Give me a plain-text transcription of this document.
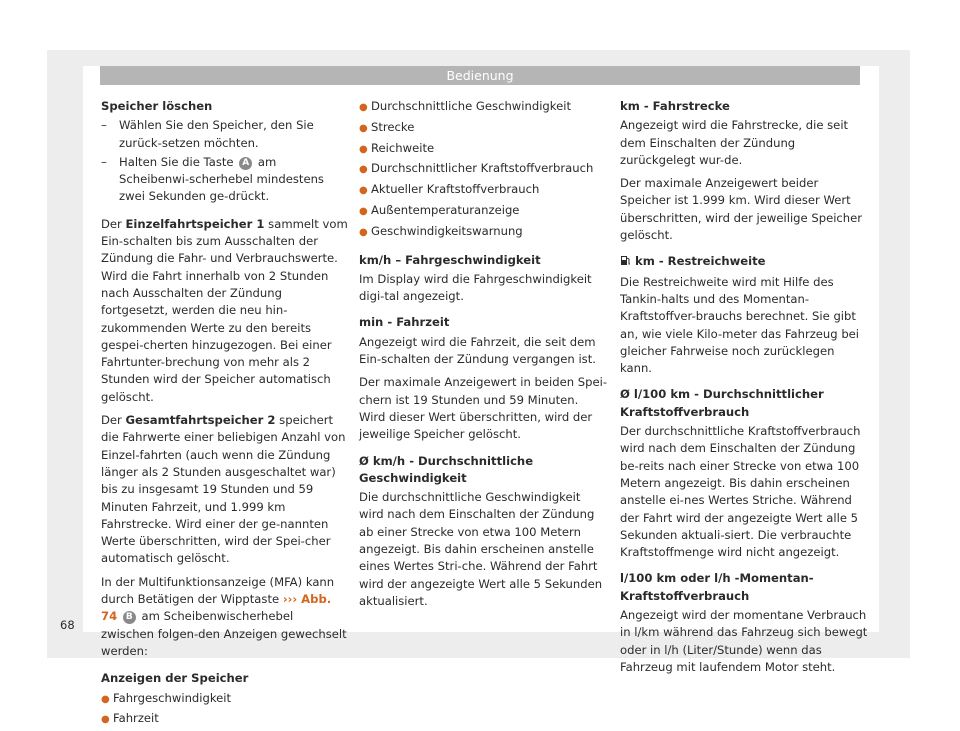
Bedienung
Speicher löschen
– Wählen Sie den Speicher, den Sie zurück-setzen möchten.
– Halten Sie die Taste A am Scheibenwi-scherhebel mindestens zwei Sekunden ge-drückt.

Der Einzelfahrtspeicher 1 sammelt vom Ein-schalten bis zum Ausschalten der Zündung die Fahr- und Verbrauchswerte. Wird die Fahrt innerhalb von 2 Stunden nach Ausschalten der Zündung fortgesetzt, werden die neu hin-zukommenden Werte zu den bereits gespei-cherten hinzugezogen. Bei einer Fahrtunter-brechung von mehr als 2 Stunden wird der Speicher automatisch gelöscht.

Der Gesamtfahrtspeicher 2 speichert die Fahrwerte einer beliebigen Anzahl von Einzel-fahrten (auch wenn die Zündung länger als 2 Stunden ausgeschaltet war) bis zu insgesamt 19 Stunden und 59 Minuten Fahrzeit, und 1.999 km Fahrstrecke. Wird einer der ge-nannten Werte überschritten, wird der Spei-cher automatisch gelöscht.

In der Multifunktionsanzeige (MFA) kann durch Betätigen der Wipptaste ››› Abb. 74 B am Scheibenwischerhebel zwischen folgen-den Anzeigen gewechselt werden:

Anzeigen der Speicher
● Fahrgeschwindigkeit
● Fahrzeit
● Durchschnittliche Geschwindigkeit
● Strecke
● Reichweite
● Durchschnittlicher Kraftstoffverbrauch
● Aktueller Kraftstoffverbrauch
● Außentemperaturanzeige
● Geschwindigkeitswarnung
km/h – Fahrgeschwindigkeit

Im Display wird die Fahrgeschwindigkeit digi-tal angezeigt.

min - Fahrzeit

Angezeigt wird die Fahrzeit, die seit dem Ein-schalten der Zündung vergangen ist.

Der maximale Anzeigewert in beiden Spei-chern ist 19 Stunden und 59 Minuten. Wird dieser Wert überschritten, wird der jeweilige Speicher gelöscht.

Ø km/h - Durchschnittliche Geschwindigkeit

Die durchschnittliche Geschwindigkeit wird nach dem Einschalten der Zündung ab einer Strecke von etwa 100 Metern angezeigt. Bis dahin erscheinen anstelle eines Wertes Stri-che. Während der Fahrt wird der angezeigte Wert alle 5 Sekunden aktualisiert.

km - Fahrstrecke

Angezeigt wird die Fahrstrecke, die seit dem Einschalten der Zündung zurückgelegt wur-de.

Der maximale Anzeigewert beider Speicher ist 1.999 km. Wird dieser Wert überschritten, wird der jeweilige Speicher gelöscht.

km - Restreichweite

Die Restreichweite wird mit Hilfe des Tankin-halts und des Momentan-Kraftstoffver-brauchs berechnet. Sie gibt an, wie viele Kilo-meter das Fahrzeug bei gleicher Fahrweise noch zurücklegen kann.

Ø l/100 km - Durchschnittlicher Kraftstoffverbrauch

Der durchschnittliche Kraftstoffverbrauch wird nach dem Einschalten der Zündung be-reits nach einer Strecke von etwa 100 Metern angezeigt. Bis dahin erscheinen anstelle ei-nes Wertes Striche. Während der Fahrt wird der angezeigte Wert alle 5 Sekunden aktuali-siert. Die verbrauchte Kraftstoffmenge wird nicht angezeigt.

l/100 km oder l/h -Momentan-Kraftstoffverbrauch

Angezeigt wird der momentane Verbrauch in l/km während das Fahrzeug sich bewegt oder in l/h (Liter/Stunde) wenn das Fahrzeug mit laufendem Motor steht.

68
